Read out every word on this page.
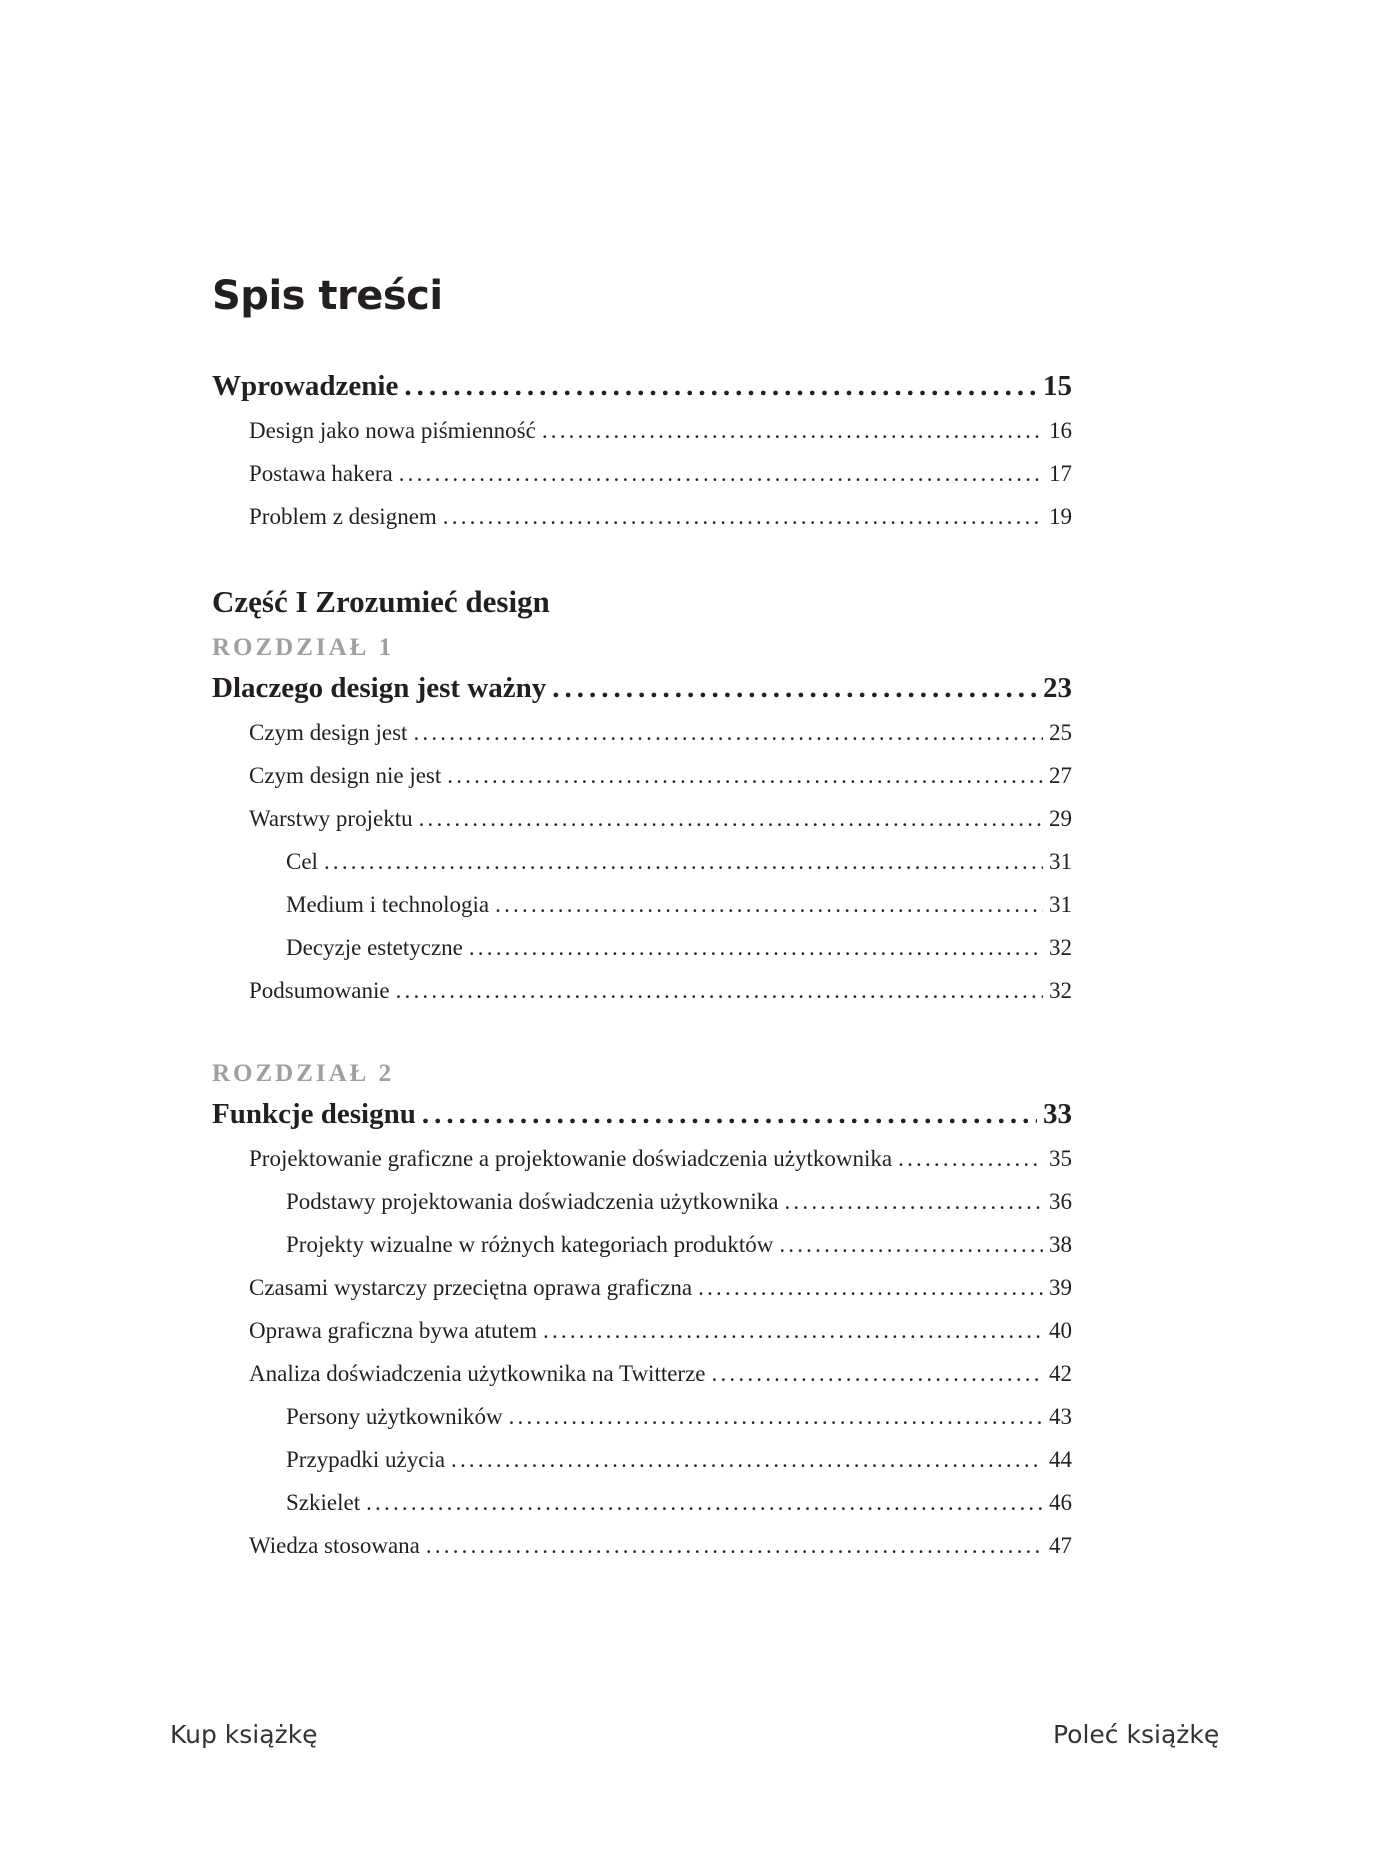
Spis treści
Wprowadzenie .....	15
Design jako nowa piśmienność .....	16
Postawa hakera .....	17
Problem z designem .....	19
Część I Zrozumieć design
ROZDZIAŁ 1
Dlaczego design jest ważny .....	23
Czym design jest .....	25
Czym design nie jest .....	27
Warstwy projektu .....	29
Cel .....	31
Medium i technologia .....	31
Decyzje estetyczne .....	32
Podsumowanie .....	32
ROZDZIAŁ 2
Funkcje designu .....	33
Projektowanie graficzne a projektowanie doświadczenia użytkownika .....	35
Podstawy projektowania doświadczenia użytkownika .....	36
Projekty wizualne w różnych kategoriach produktów .....	38
Czasami wystarczy przeciętna oprawa graficzna .....	39
Oprawa graficzna bywa atutem .....	40
Analiza doświadczenia użytkownika na Twitterze .....	42
Persony użytkowników .....	43
Przypadki użycia .....	44
Szkielet .....	46
Wiedza stosowana .....	47
Kup książkę	Poleć książkę
